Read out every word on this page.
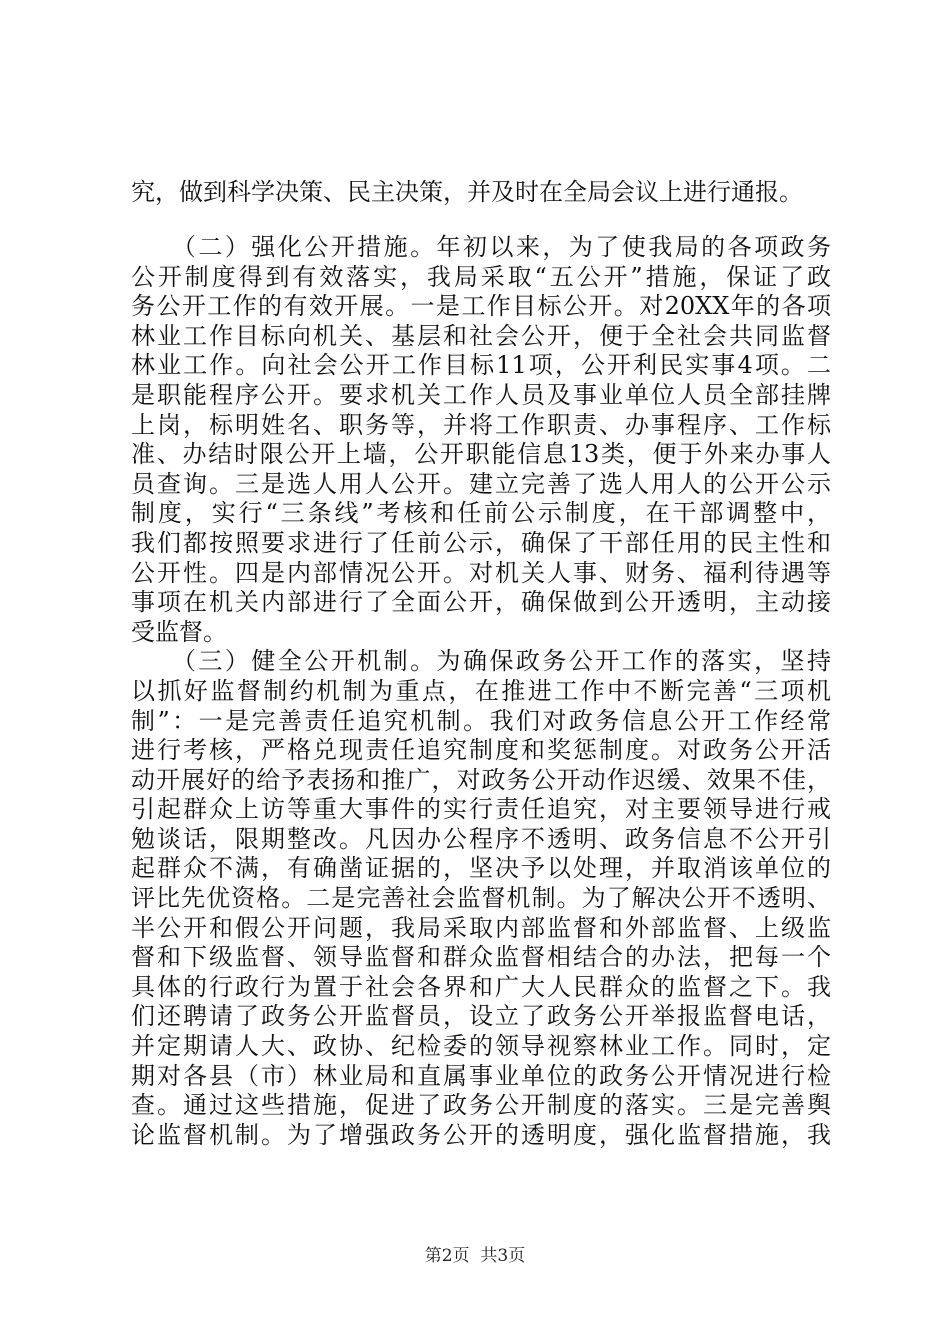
究，做到科学决策、民主决策，并及时在全局会议上进行通报。
　　（二）强化公开措施。年初以来，为了使我局的各项政务
公开制度得到有效落实，我局采取“五公开”措施，保证了政
务公开工作的有效开展。一是工作目标公开。对20XX年的各项
林业工作目标向机关、基层和社会公开，便于全社会共同监督
林业工作。向社会公开工作目标11项，公开利民实事4项。二
是职能程序公开。要求机关工作人员及事业单位人员全部挂牌
上岗，标明姓名、职务等，并将工作职责、办事程序、工作标
准、办结时限公开上墙，公开职能信息13类，便于外来办事人
员查询。三是选人用人公开。建立完善了选人用人的公开公示
制度，实行“三条线”考核和任前公示制度，在干部调整中，
我们都按照要求进行了任前公示，确保了干部任用的民主性和
公开性。四是内部情况公开。对机关人事、财务、福利待遇等
事项在机关内部进行了全面公开，确保做到公开透明，主动接
受监督。
　　（三）健全公开机制。为确保政务公开工作的落实，坚持
以抓好监督制约机制为重点，在推进工作中不断完善“三项机
制”：一是完善责任追究机制。我们对政务信息公开工作经常
进行考核，严格兑现责任追究制度和奖惩制度。对政务公开活
动开展好的给予表扬和推广，对政务公开动作迟缓、效果不佳，
引起群众上访等重大事件的实行责任追究，对主要领导进行戒
勉谈话，限期整改。凡因办公程序不透明、政务信息不公开引
起群众不满，有确凿证据的，坚决予以处理，并取消该单位的
评比先优资格。二是完善社会监督机制。为了解决公开不透明、
半公开和假公开问题，我局采取内部监督和外部监督、上级监
督和下级监督、领导监督和群众监督相结合的办法，把每一个
具体的行政行为置于社会各界和广大人民群众的监督之下。我
们还聘请了政务公开监督员，设立了政务公开举报监督电话，
并定期请人大、政协、纪检委的领导视察林业工作。同时，定
期对各县（市）林业局和直属事业单位的政务公开情况进行检
查。通过这些措施，促进了政务公开制度的落实。三是完善舆
论监督机制。为了增强政务公开的透明度，强化监督措施，我
第2页  共3页
